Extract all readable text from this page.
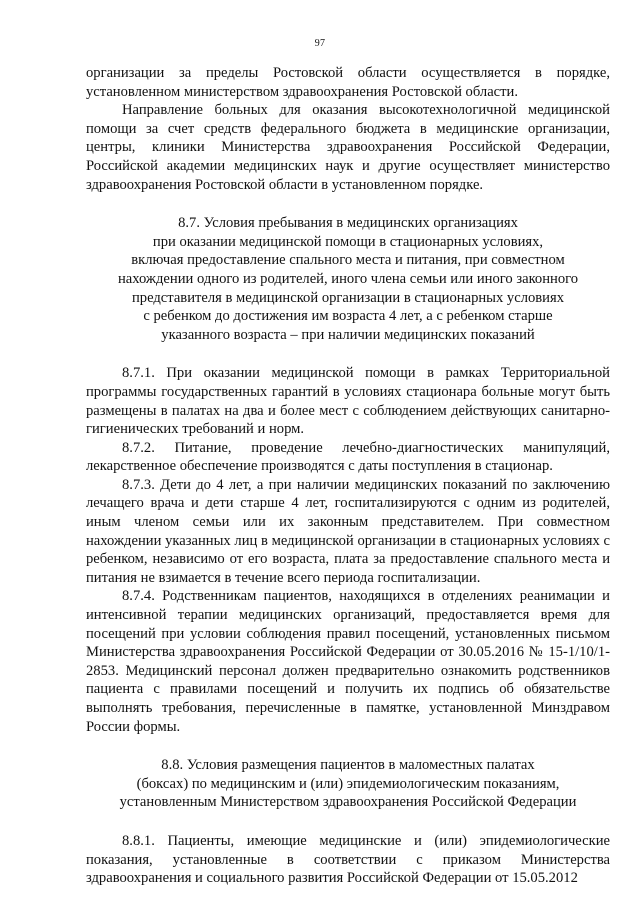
97

организации за пределы Ростовской области осуществляется в порядке, установленном министерством здравоохранения Ростовской области.

Направление больных для оказания высокотехнологичной медицинской помощи за счет средств федерального бюджета в медицинские организации, центры, клиники Министерства здравоохранения Российской Федерации, Российской академии медицинских наук и другие осуществляет министерство здравоохранения Ростовской области в установленном порядке.

8.7. Условия пребывания в медицинских организациях
при оказании медицинской помощи в стационарных условиях,
включая предоставление спального места и питания, при совместном
нахождении одного из родителей, иного члена семьи или иного законного
представителя в медицинской организации в стационарных условиях
с ребенком до достижения им возраста 4 лет, а с ребенком старше
указанного возраста – при наличии медицинских показаний

8.7.1. При оказании медицинской помощи в рамках Территориальной программы государственных гарантий в условиях стационара больные могут быть размещены в палатах на два и более мест с соблюдением действующих санитарно-гигиенических требований и норм.

8.7.2. Питание, проведение лечебно-диагностических манипуляций, лекарственное обеспечение производятся с даты поступления в стационар.

8.7.3. Дети до 4 лет, а при наличии медицинских показаний по заключению лечащего врача и дети старше 4 лет, госпитализируются с одним из родителей, иным членом семьи или их законным представителем. При совместном нахождении указанных лиц в медицинской организации в стационарных условиях с ребенком, независимо от его возраста, плата за предоставление спального места и питания не взимается в течение всего периода госпитализации.

8.7.4. Родственникам пациентов, находящихся в отделениях реанимации и интенсивной терапии медицинских организаций, предоставляется время для посещений при условии соблюдения правил посещений, установленных письмом Министерства здравоохранения Российской Федерации от 30.05.2016 № 15-1/10/1-2853. Медицинский персонал должен предварительно ознакомить родственников пациента с правилами посещений и получить их подпись об обязательстве выполнять требования, перечисленные в памятке, установленной Минздравом России формы.

8.8. Условия размещения пациентов в маломестных палатах
(боксах) по медицинским и (или) эпидемиологическим показаниям,
установленным Министерством здравоохранения Российской Федерации

8.8.1. Пациенты, имеющие медицинские и (или) эпидемиологические показания, установленные в соответствии с приказом Министерства здравоохранения и социального развития Российской Федерации от 15.05.2012
